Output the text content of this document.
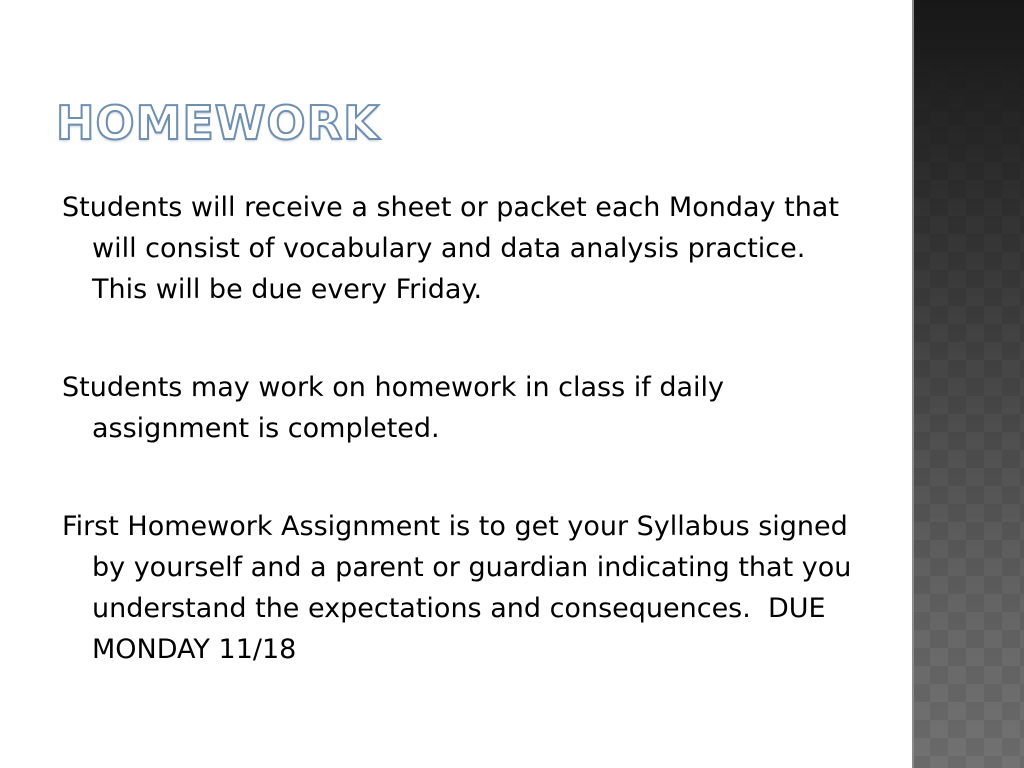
HOMEWORK

Students will receive a sheet or packet each Monday that will consist of vocabulary and data analysis practice.  This will be due every Friday.

Students may work on homework in class if daily assignment is completed.

First Homework Assignment is to get your Syllabus signed by yourself and a parent or guardian indicating that you understand the expectations and consequences.  DUE MONDAY 11/18
